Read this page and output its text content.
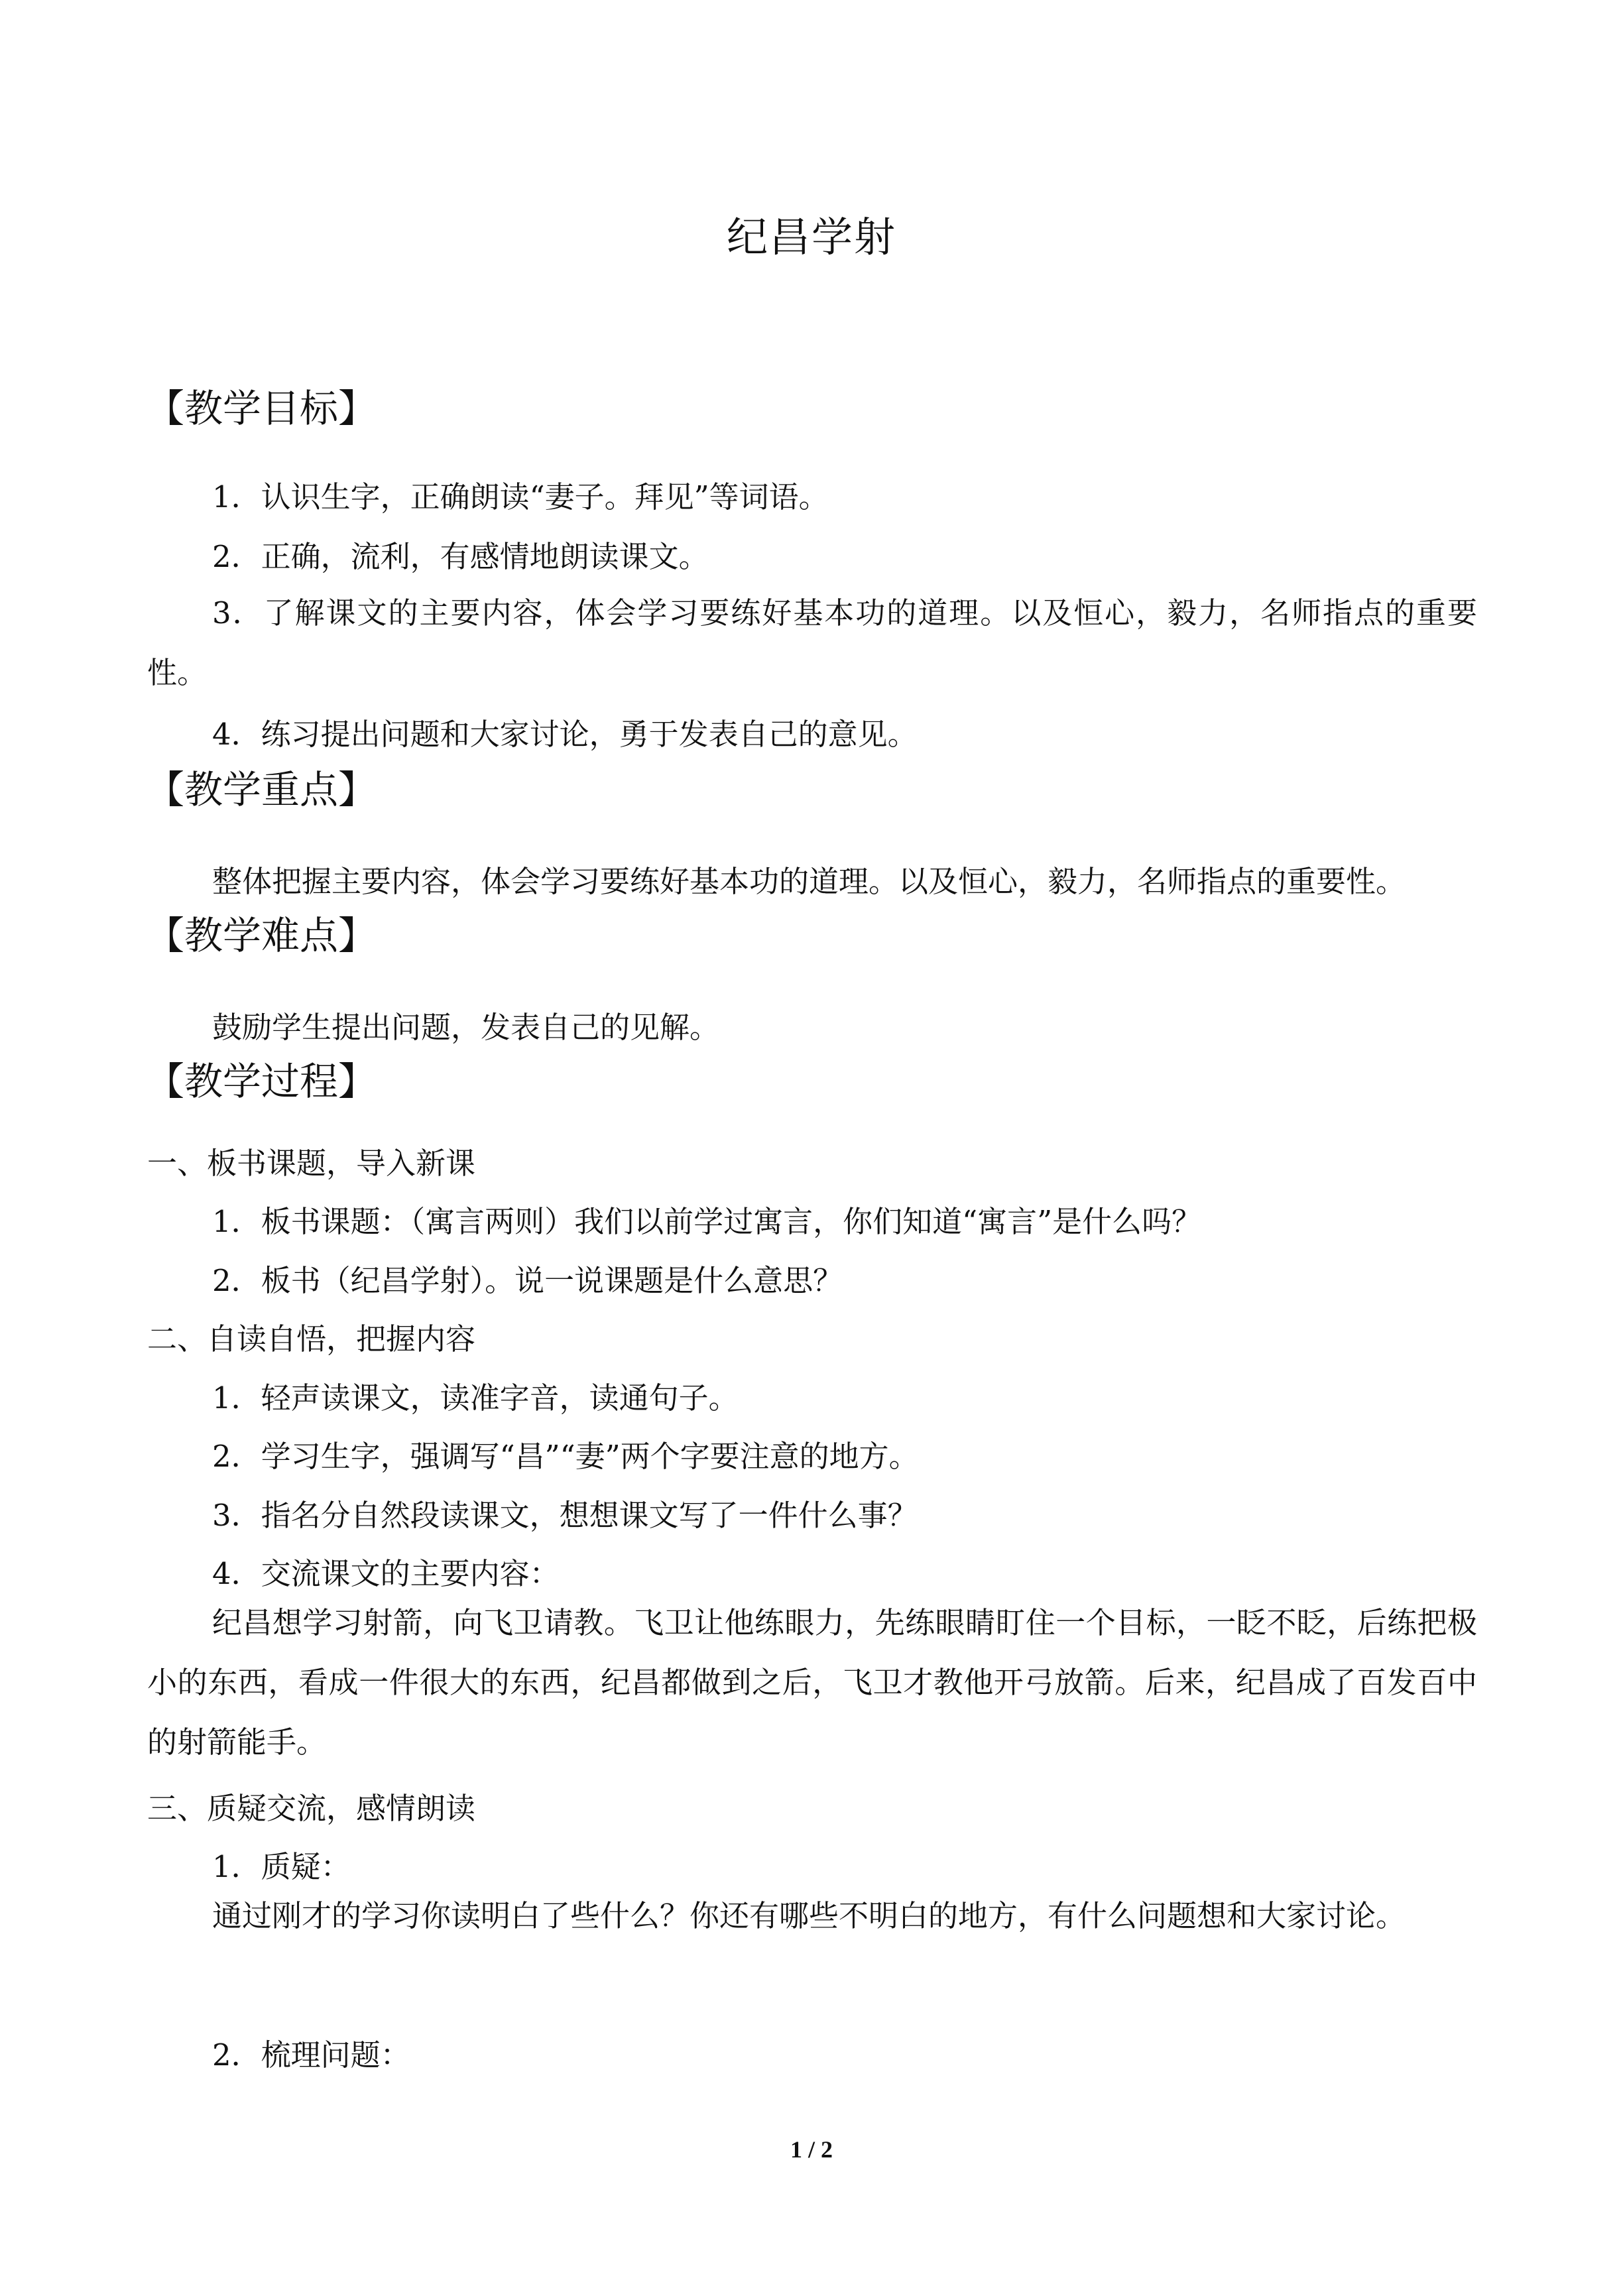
纪昌学射
【教学目标】
1．认识生字，正确朗读“妻子。拜见”等词语。
2．正确，流利，有感情地朗读课文。
3．了解课文的主要内容，体会学习要练好基本功的道理。以及恒心，毅力，名师指点的重要性。
4．练习提出问题和大家讨论，勇于发表自己的意见。
【教学重点】
整体把握主要内容，体会学习要练好基本功的道理。以及恒心，毅力，名师指点的重要性。
【教学难点】
鼓励学生提出问题，发表自己的见解。
【教学过程】
一、板书课题，导入新课
1．板书课题：（寓言两则）我们以前学过寓言，你们知道“寓言”是什么吗？
2．板书（纪昌学射）。说一说课题是什么意思？
二、自读自悟，把握内容
1．轻声读课文，读准字音，读通句子。
2．学习生字，强调写“昌”“妻”两个字要注意的地方。
3．指名分自然段读课文，想想课文写了一件什么事？
4．交流课文的主要内容：
纪昌想学习射箭，向飞卫请教。飞卫让他练眼力，先练眼睛盯住一个目标，一眨不眨，后练把极小的东西，看成一件很大的东西，纪昌都做到之后，飞卫才教他开弓放箭。后来，纪昌成了百发百中的射箭能手。
三、质疑交流，感情朗读
1．质疑：
通过刚才的学习你读明白了些什么？你还有哪些不明白的地方，有什么问题想和大家讨论。
2．梳理问题：
1 / 2
